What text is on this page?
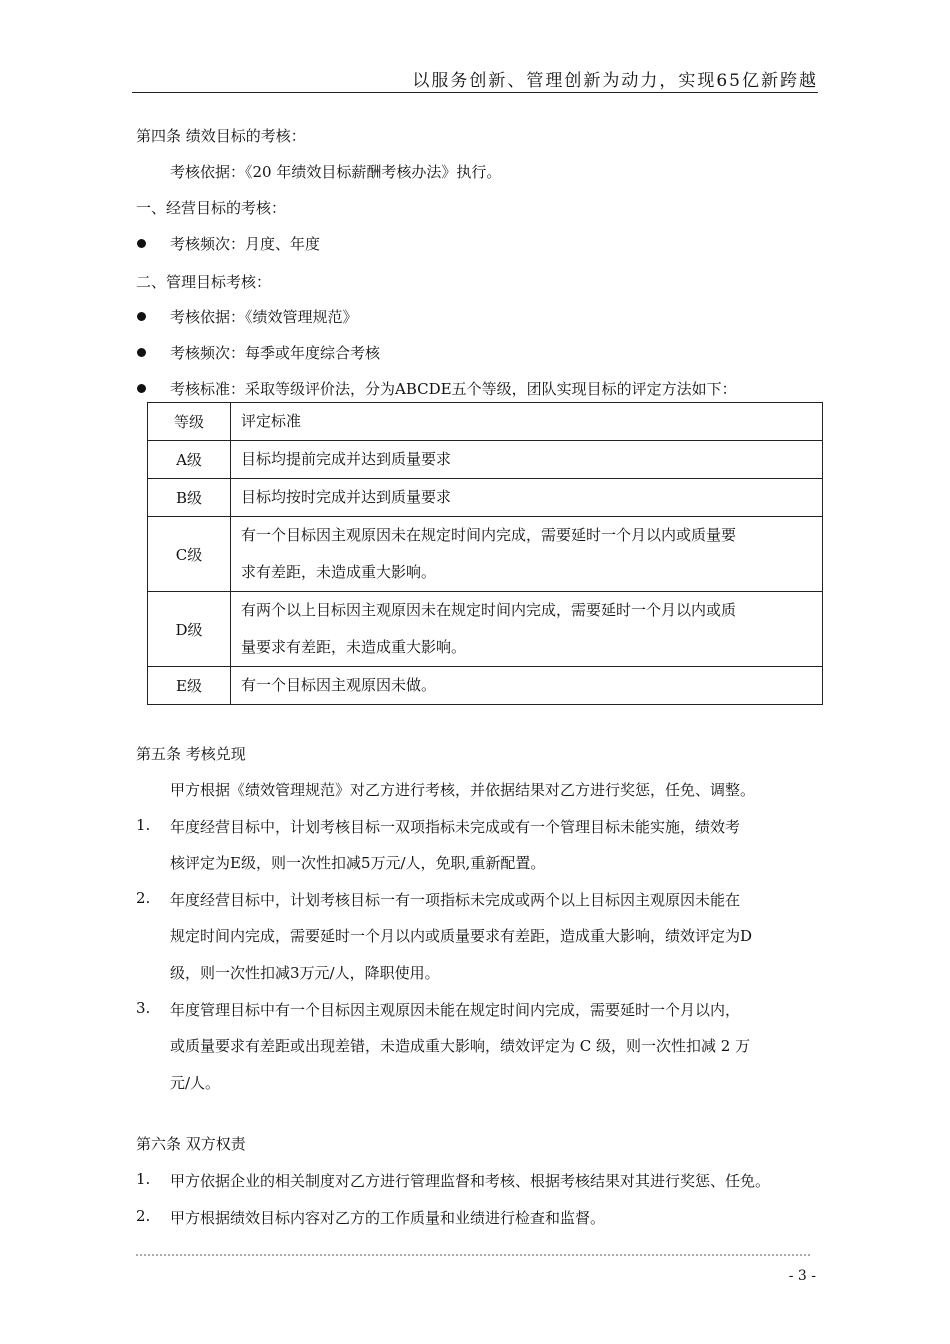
以服务创新、管理创新为动力，实现65亿新跨越
第四条 绩效目标的考核：
考核依据：《20 年绩效目标薪酬考核办法》执行。
一、经营目标的考核：
考核频次：月度、年度
二、管理目标考核：
考核依据：《绩效管理规范》
考核频次：每季或年度综合考核
考核标准：采取等级评价法，分为ABCDE五个等级，团队实现目标的评定方法如下：
等级	评定标准
A级	目标均提前完成并达到质量要求
B级	目标均按时完成并达到质量要求
C级	有一个目标因主观原因未在规定时间内完成，需要延时一个月以内或质量要
求有差距，未造成重大影响。

D级	有两个以上目标因主观原因未在规定时间内完成，需要延时一个月以内或质
量要求有差距，未造成重大影响。

E级	有一个目标因主观原因未做。
第五条 考核兑现
甲方根据《绩效管理规范》对乙方进行考核，并依据结果对乙方进行奖惩，任免、调整。
1. 年度经营目标中，计划考核目标一双项指标未完成或有一个管理目标未能实施，绩效考
核评定为E级，则一次性扣减5万元/人，免职,重新配置。
2. 年度经营目标中，计划考核目标一有一项指标未完成或两个以上目标因主观原因未能在
规定时间内完成，需要延时一个月以内或质量要求有差距，造成重大影响，绩效评定为D
级，则一次性扣减3万元/人，降职使用。
3. 年度管理目标中有一个目标因主观原因未能在规定时间内完成，需要延时一个月以内，
或质量要求有差距或出现差错，未造成重大影响，绩效评定为 C 级，则一次性扣减 2 万
元/人。
第六条 双方权责
1. 甲方依据企业的相关制度对乙方进行管理监督和考核、根据考核结果对其进行奖惩、任免。
2. 甲方根据绩效目标内容对乙方的工作质量和业绩进行检查和监督。
- 3 -
